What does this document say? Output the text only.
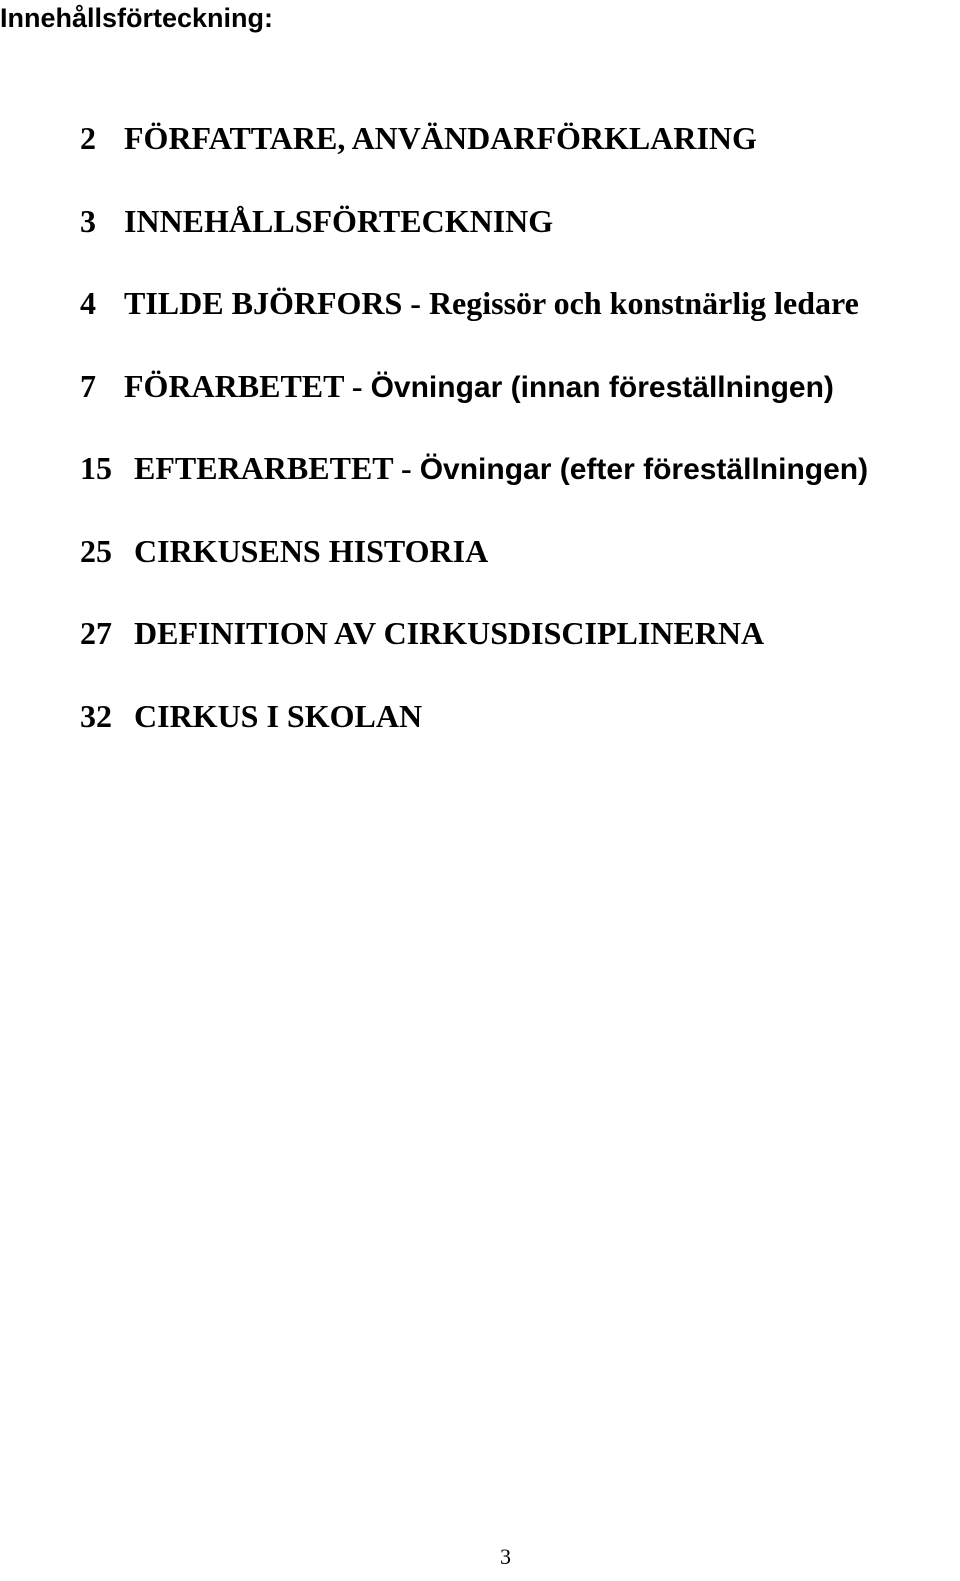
Innehållsförteckning:
2 FÖRFATTARE, ANVÄNDARFÖRKLARING
3 INNEHÅLLSFÖRTECKNING
4 TILDE BJÖRFORS - Regissör och konstnärlig ledare
7 FÖRARBETET - Övningar (innan föreställningen)
15 EFTERARBETET - Övningar (efter föreställningen)
25 CIRKUSENS HISTORIA
27 DEFINITION AV CIRKUSDISCIPLINERNA
32 CIRKUS I SKOLAN
3
